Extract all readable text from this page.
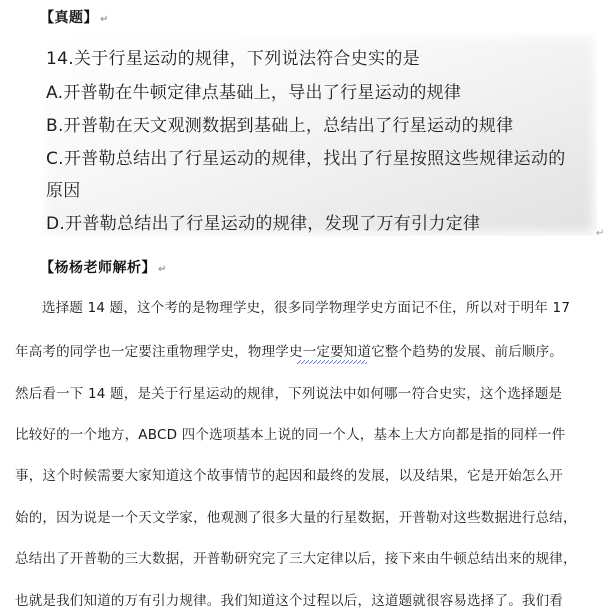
【真题】 ↵
14.关于行星运动的规律，下列说法符合史实的是
A.开普勒在牛顿定律点基础上，导出了行星运动的规律
B.开普勒在天文观测数据到基础上，总结出了行星运动的规律
C.开普勒总结出了行星运动的规律，找出了行星按照这些规律运动的
原因
D.开普勒总结出了行星运动的规律，发现了万有引力定律	↵
【杨杨老师解析】 ↵
选择题 14 题，这个考的是物理学史，很多同学物理学史方面记不住，所以对于明年 17
年高考的同学也一定要注重物理学史，物理学史一定要知道它整个趋势的发展、前后顺序。
然后看一下 14 题，是关于行星运动的规律，下列说法中如何哪一符合史实，这个选择题是
比较好的一个地方，ABCD 四个选项基本上说的同一个人，基本上大方向都是指的同样一件
事，这个时候需要大家知道这个故事情节的起因和最终的发展，以及结果，它是开始怎么开
始的，因为说是一个天文学家，他观测了很多大量的行星数据，开普勒对这些数据进行总结，
总结出了开普勒的三大数据，开普勒研究完了三大定律以后，接下来由牛顿总结出来的规律，
也就是我们知道的万有引力规律。我们知道这个过程以后，这道题就很容易选择了。我们看
